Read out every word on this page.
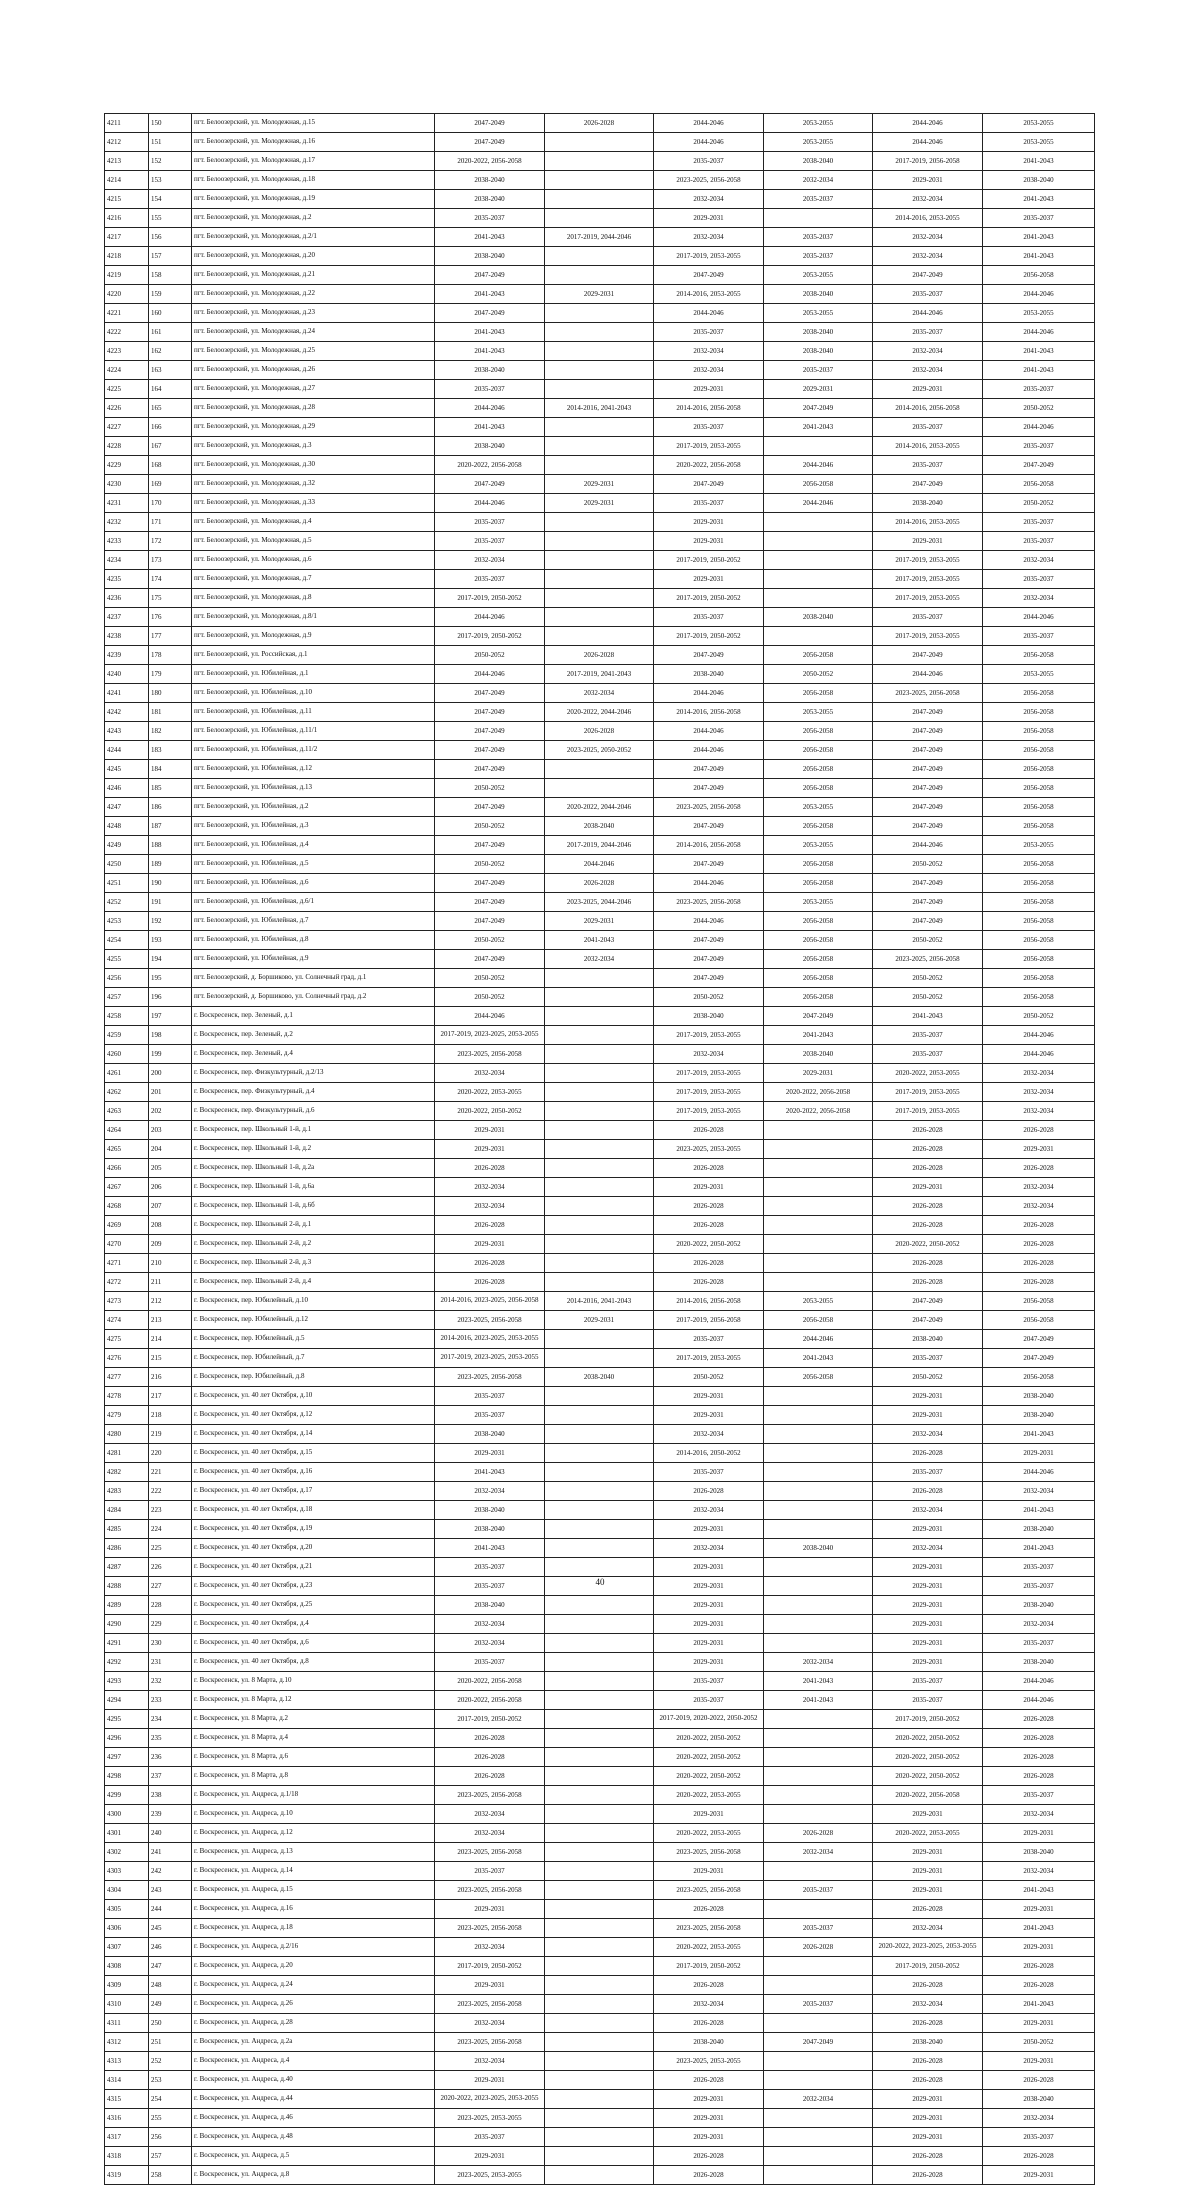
4211	150	пгт. Белоозерский, ул. Молодежная, д.15	2047-2049	2026-2028	2044-2046	2053-2055	2044-2046	2053-2055
4212	151	пгт. Белоозерский, ул. Молодежная, д.16	2047-2049		2044-2046	2053-2055	2044-2046	2053-2055
4213	152	пгт. Белоозерский, ул. Молодежная, д.17	2020-2022, 2056-2058		2035-2037	2038-2040	2017-2019, 2056-2058	2041-2043
4214	153	пгт. Белоозерский, ул. Молодежная, д.18	2038-2040		2023-2025, 2056-2058	2032-2034	2029-2031	2038-2040
4215	154	пгт. Белоозерский, ул. Молодежная, д.19	2038-2040		2032-2034	2035-2037	2032-2034	2041-2043
4216	155	пгт. Белоозерский, ул. Молодежная, д.2	2035-2037		2029-2031		2014-2016, 2053-2055	2035-2037
4217	156	пгт. Белоозерский, ул. Молодежная, д.2/1	2041-2043	2017-2019, 2044-2046	2032-2034	2035-2037	2032-2034	2041-2043
4218	157	пгт. Белоозерский, ул. Молодежная, д.20	2038-2040		2017-2019, 2053-2055	2035-2037	2032-2034	2041-2043
4219	158	пгт. Белоозерский, ул. Молодежная, д.21	2047-2049		2047-2049	2053-2055	2047-2049	2056-2058
4220	159	пгт. Белоозерский, ул. Молодежная, д.22	2041-2043	2029-2031	2014-2016, 2053-2055	2038-2040	2035-2037	2044-2046
4221	160	пгт. Белоозерский, ул. Молодежная, д.23	2047-2049		2044-2046	2053-2055	2044-2046	2053-2055
4222	161	пгт. Белоозерский, ул. Молодежная, д.24	2041-2043		2035-2037	2038-2040	2035-2037	2044-2046
4223	162	пгт. Белоозерский, ул. Молодежная, д.25	2041-2043		2032-2034	2038-2040	2032-2034	2041-2043
4224	163	пгт. Белоозерский, ул. Молодежная, д.26	2038-2040		2032-2034	2035-2037	2032-2034	2041-2043
4225	164	пгт. Белоозерский, ул. Молодежная, д.27	2035-2037		2029-2031	2029-2031	2029-2031	2035-2037
4226	165	пгт. Белоозерский, ул. Молодежная, д.28	2044-2046	2014-2016, 2041-2043	2014-2016, 2056-2058	2047-2049	2014-2016, 2056-2058	2050-2052
4227	166	пгт. Белоозерский, ул. Молодежная, д.29	2041-2043		2035-2037	2041-2043	2035-2037	2044-2046
4228	167	пгт. Белоозерский, ул. Молодежная, д.3	2038-2040		2017-2019, 2053-2055		2014-2016, 2053-2055	2035-2037
4229	168	пгт. Белоозерский, ул. Молодежная, д.30	2020-2022, 2056-2058		2020-2022, 2056-2058	2044-2046	2035-2037	2047-2049
4230	169	пгт. Белоозерский, ул. Молодежная, д.32	2047-2049	2029-2031	2047-2049	2056-2058	2047-2049	2056-2058
4231	170	пгт. Белоозерский, ул. Молодежная, д.33	2044-2046	2029-2031	2035-2037	2044-2046	2038-2040	2050-2052
4232	171	пгт. Белоозерский, ул. Молодежная, д.4	2035-2037		2029-2031		2014-2016, 2053-2055	2035-2037
4233	172	пгт. Белоозерский, ул. Молодежная, д.5	2035-2037		2029-2031		2029-2031	2035-2037
4234	173	пгт. Белоозерский, ул. Молодежная, д.6	2032-2034		2017-2019, 2050-2052		2017-2019, 2053-2055	2032-2034
4235	174	пгт. Белоозерский, ул. Молодежная, д.7	2035-2037		2029-2031		2017-2019, 2053-2055	2035-2037
4236	175	пгт. Белоозерский, ул. Молодежная, д.8	2017-2019, 2050-2052		2017-2019, 2050-2052		2017-2019, 2053-2055	2032-2034
4237	176	пгт. Белоозерский, ул. Молодежная, д.8/1	2044-2046		2035-2037	2038-2040	2035-2037	2044-2046
4238	177	пгт. Белоозерский, ул. Молодежная, д.9	2017-2019, 2050-2052		2017-2019, 2050-2052		2017-2019, 2053-2055	2035-2037
4239	178	пгт. Белоозерский, ул. Российская, д.1	2050-2052	2026-2028	2047-2049	2056-2058	2047-2049	2056-2058
4240	179	пгт. Белоозерский, ул. Юбилейная, д.1	2044-2046	2017-2019, 2041-2043	2038-2040	2050-2052	2044-2046	2053-2055
4241	180	пгт. Белоозерский, ул. Юбилейная, д.10	2047-2049	2032-2034	2044-2046	2056-2058	2023-2025, 2056-2058	2056-2058
4242	181	пгт. Белоозерский, ул. Юбилейная, д.11	2047-2049	2020-2022, 2044-2046	2014-2016, 2056-2058	2053-2055	2047-2049	2056-2058
4243	182	пгт. Белоозерский, ул. Юбилейная, д.11/1	2047-2049	2026-2028	2044-2046	2056-2058	2047-2049	2056-2058
4244	183	пгт. Белоозерский, ул. Юбилейная, д.11/2	2047-2049	2023-2025, 2050-2052	2044-2046	2056-2058	2047-2049	2056-2058
4245	184	пгт. Белоозерский, ул. Юбилейная, д.12	2047-2049		2047-2049	2056-2058	2047-2049	2056-2058
4246	185	пгт. Белоозерский, ул. Юбилейная, д.13	2050-2052		2047-2049	2056-2058	2047-2049	2056-2058
4247	186	пгт. Белоозерский, ул. Юбилейная, д.2	2047-2049	2020-2022, 2044-2046	2023-2025, 2056-2058	2053-2055	2047-2049	2056-2058
4248	187	пгт. Белоозерский, ул. Юбилейная, д.3	2050-2052	2038-2040	2047-2049	2056-2058	2047-2049	2056-2058
4249	188	пгт. Белоозерский, ул. Юбилейная, д.4	2047-2049	2017-2019, 2044-2046	2014-2016, 2056-2058	2053-2055	2044-2046	2053-2055
4250	189	пгт. Белоозерский, ул. Юбилейная, д.5	2050-2052	2044-2046	2047-2049	2056-2058	2050-2052	2056-2058
4251	190	пгт. Белоозерский, ул. Юбилейная, д.6	2047-2049	2026-2028	2044-2046	2056-2058	2047-2049	2056-2058
4252	191	пгт. Белоозерский, ул. Юбилейная, д.6/1	2047-2049	2023-2025, 2044-2046	2023-2025, 2056-2058	2053-2055	2047-2049	2056-2058
4253	192	пгт. Белоозерский, ул. Юбилейная, д.7	2047-2049	2029-2031	2044-2046	2056-2058	2047-2049	2056-2058
4254	193	пгт. Белоозерский, ул. Юбилейная, д.8	2050-2052	2041-2043	2047-2049	2056-2058	2050-2052	2056-2058
4255	194	пгт. Белоозерский, ул. Юбилейная, д.9	2047-2049	2032-2034	2047-2049	2056-2058	2023-2025, 2056-2058	2056-2058
4256	195	пгт. Белоозерский, д. Боршиково, ул. Солнечный град, д.1	2050-2052		2047-2049	2056-2058	2050-2052	2056-2058
4257	196	пгт. Белоозерский, д. Боршиково, ул. Солнечный град, д.2	2050-2052		2050-2052	2056-2058	2050-2052	2056-2058
4258	197	г. Воскресенск, пер. Зеленый, д.1	2044-2046		2038-2040	2047-2049	2041-2043	2050-2052
4259	198	г. Воскресенск, пер. Зеленый, д.2	2017-2019, 2023-2025, 2053-2055		2017-2019, 2053-2055	2041-2043	2035-2037	2044-2046
4260	199	г. Воскресенск, пер. Зеленый, д.4	2023-2025, 2056-2058		2032-2034	2038-2040	2035-2037	2044-2046
4261	200	г. Воскресенск, пер. Физкультурный, д.2/13	2032-2034		2017-2019, 2053-2055	2029-2031	2020-2022, 2053-2055	2032-2034
4262	201	г. Воскресенск, пер. Физкультурный, д.4	2020-2022, 2053-2055		2017-2019, 2053-2055	2020-2022, 2056-2058	2017-2019, 2053-2055	2032-2034
4263	202	г. Воскресенск, пер. Физкультурный, д.6	2020-2022, 2050-2052		2017-2019, 2053-2055	2020-2022, 2056-2058	2017-2019, 2053-2055	2032-2034
4264	203	г. Воскресенск, пер. Школьный 1-й, д.1	2029-2031		2026-2028		2026-2028	2026-2028
4265	204	г. Воскресенск, пер. Школьный 1-й, д.2	2029-2031		2023-2025, 2053-2055		2026-2028	2029-2031
4266	205	г. Воскресенск, пер. Школьный 1-й, д.2а	2026-2028		2026-2028		2026-2028	2026-2028
4267	206	г. Воскресенск, пер. Школьный 1-й, д.6а	2032-2034		2029-2031		2029-2031	2032-2034
4268	207	г. Воскресенск, пер. Школьный 1-й, д.6б	2032-2034		2026-2028		2026-2028	2032-2034
4269	208	г. Воскресенск, пер. Школьный 2-й, д.1	2026-2028		2026-2028		2026-2028	2026-2028
4270	209	г. Воскресенск, пер. Школьный 2-й, д.2	2029-2031		2020-2022, 2050-2052		2020-2022, 2050-2052	2026-2028
4271	210	г. Воскресенск, пер. Школьный 2-й, д.3	2026-2028		2026-2028		2026-2028	2026-2028
4272	211	г. Воскресенск, пер. Школьный 2-й, д.4	2026-2028		2026-2028		2026-2028	2026-2028
4273	212	г. Воскресенск, пер. Юбилейный, д.10	2014-2016, 2023-2025, 2056-2058	2014-2016, 2041-2043	2014-2016, 2056-2058	2053-2055	2047-2049	2056-2058
4274	213	г. Воскресенск, пер. Юбилейный, д.12	2023-2025, 2056-2058	2029-2031	2017-2019, 2056-2058	2056-2058	2047-2049	2056-2058
4275	214	г. Воскресенск, пер. Юбилейный, д.5	2014-2016, 2023-2025, 2053-2055		2035-2037	2044-2046	2038-2040	2047-2049
4276	215	г. Воскресенск, пер. Юбилейный, д.7	2017-2019, 2023-2025, 2053-2055		2017-2019, 2053-2055	2041-2043	2035-2037	2047-2049
4277	216	г. Воскресенск, пер. Юбилейный, д.8	2023-2025, 2056-2058	2038-2040	2050-2052	2056-2058	2050-2052	2056-2058
4278	217	г. Воскресенск, ул. 40 лет Октября, д.10	2035-2037		2029-2031		2029-2031	2038-2040
4279	218	г. Воскресенск, ул. 40 лет Октября, д.12	2035-2037		2029-2031		2029-2031	2038-2040
4280	219	г. Воскресенск, ул. 40 лет Октября, д.14	2038-2040		2032-2034		2032-2034	2041-2043
4281	220	г. Воскресенск, ул. 40 лет Октября, д.15	2029-2031		2014-2016, 2050-2052		2026-2028	2029-2031
4282	221	г. Воскресенск, ул. 40 лет Октября, д.16	2041-2043		2035-2037		2035-2037	2044-2046
4283	222	г. Воскресенск, ул. 40 лет Октября, д.17	2032-2034		2026-2028		2026-2028	2032-2034
4284	223	г. Воскресенск, ул. 40 лет Октября, д.18	2038-2040		2032-2034		2032-2034	2041-2043
4285	224	г. Воскресенск, ул. 40 лет Октября, д.19	2038-2040		2029-2031		2029-2031	2038-2040
4286	225	г. Воскресенск, ул. 40 лет Октября, д.20	2041-2043		2032-2034	2038-2040	2032-2034	2041-2043
4287	226	г. Воскресенск, ул. 40 лет Октября, д.21	2035-2037		2029-2031		2029-2031	2035-2037
4288	227	г. Воскресенск, ул. 40 лет Октября, д.23	2035-2037		2029-2031		2029-2031	2035-2037
4289	228	г. Воскресенск, ул. 40 лет Октября, д.25	2038-2040		2029-2031		2029-2031	2038-2040
4290	229	г. Воскресенск, ул. 40 лет Октября, д.4	2032-2034		2029-2031		2029-2031	2032-2034
4291	230	г. Воскресенск, ул. 40 лет Октября, д.6	2032-2034		2029-2031		2029-2031	2035-2037
4292	231	г. Воскресенск, ул. 40 лет Октября, д.8	2035-2037		2029-2031	2032-2034	2029-2031	2038-2040
4293	232	г. Воскресенск, ул. 8 Марта, д.10	2020-2022, 2056-2058		2035-2037	2041-2043	2035-2037	2044-2046
4294	233	г. Воскресенск, ул. 8 Марта, д.12	2020-2022, 2056-2058		2035-2037	2041-2043	2035-2037	2044-2046
4295	234	г. Воскресенск, ул. 8 Марта, д.2	2017-2019, 2050-2052		2017-2019, 2020-2022, 2050-2052		2017-2019, 2050-2052	2026-2028
4296	235	г. Воскресенск, ул. 8 Марта, д.4	2026-2028		2020-2022, 2050-2052		2020-2022, 2050-2052	2026-2028
4297	236	г. Воскресенск, ул. 8 Марта, д.6	2026-2028		2020-2022, 2050-2052		2020-2022, 2050-2052	2026-2028
4298	237	г. Воскресенск, ул. 8 Марта, д.8	2026-2028		2020-2022, 2050-2052		2020-2022, 2050-2052	2026-2028
4299	238	г. Воскресенск, ул. Андреса, д.1/18	2023-2025, 2056-2058		2020-2022, 2053-2055		2020-2022, 2056-2058	2035-2037
4300	239	г. Воскресенск, ул. Андреса, д.10	2032-2034		2029-2031		2029-2031	2032-2034
4301	240	г. Воскресенск, ул. Андреса, д.12	2032-2034		2020-2022, 2053-2055	2026-2028	2020-2022, 2053-2055	2029-2031
4302	241	г. Воскресенск, ул. Андреса, д.13	2023-2025, 2056-2058		2023-2025, 2056-2058	2032-2034	2029-2031	2038-2040
4303	242	г. Воскресенск, ул. Андреса, д.14	2035-2037		2029-2031		2029-2031	2032-2034
4304	243	г. Воскресенск, ул. Андреса, д.15	2023-2025, 2056-2058		2023-2025, 2056-2058	2035-2037	2029-2031	2041-2043
4305	244	г. Воскресенск, ул. Андреса, д.16	2029-2031		2026-2028		2026-2028	2029-2031
4306	245	г. Воскресенск, ул. Андреса, д.18	2023-2025, 2056-2058		2023-2025, 2056-2058	2035-2037	2032-2034	2041-2043
4307	246	г. Воскресенск, ул. Андреса, д.2/16	2032-2034		2020-2022, 2053-2055	2026-2028	2020-2022, 2023-2025, 2053-2055	2029-2031
4308	247	г. Воскресенск, ул. Андреса, д.20	2017-2019, 2050-2052		2017-2019, 2050-2052		2017-2019, 2050-2052	2026-2028
4309	248	г. Воскресенск, ул. Андреса, д.24	2029-2031		2026-2028		2026-2028	2026-2028
4310	249	г. Воскресенск, ул. Андреса, д.26	2023-2025, 2056-2058		2032-2034	2035-2037	2032-2034	2041-2043
4311	250	г. Воскресенск, ул. Андреса, д.28	2032-2034		2026-2028		2026-2028	2029-2031
4312	251	г. Воскресенск, ул. Андреса, д.2а	2023-2025, 2056-2058		2038-2040	2047-2049	2038-2040	2050-2052
4313	252	г. Воскресенск, ул. Андреса, д.4	2032-2034		2023-2025, 2053-2055		2026-2028	2029-2031
4314	253	г. Воскресенск, ул. Андреса, д.40	2029-2031		2026-2028		2026-2028	2026-2028
4315	254	г. Воскресенск, ул. Андреса, д.44	2020-2022, 2023-2025, 2053-2055		2029-2031	2032-2034	2029-2031	2038-2040
4316	255	г. Воскресенск, ул. Андреса, д.46	2023-2025, 2053-2055		2029-2031		2029-2031	2032-2034
4317	256	г. Воскресенск, ул. Андреса, д.48	2035-2037		2029-2031		2029-2031	2035-2037
4318	257	г. Воскресенск, ул. Андреса, д.5	2029-2031		2026-2028		2026-2028	2026-2028
4319	258	г. Воскресенск, ул. Андреса, д.8	2023-2025, 2053-2055		2026-2028		2026-2028	2029-2031
40
